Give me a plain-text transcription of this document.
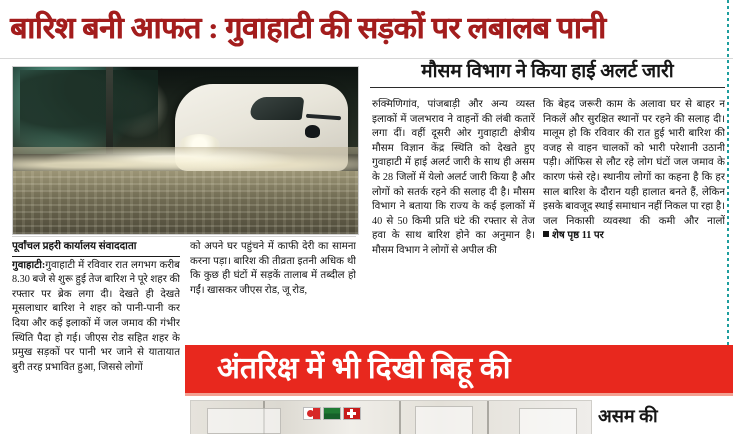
बारिश बनी आफत : गुवाहाटी की सड़कों पर लबालब पानी
मौसम विभाग ने किया हाई अलर्ट जारी
पूर्वांचल प्रहरी कार्यालय संवाददाता
गुवाहाटी:गुवाहाटी में रविवार रात लगभग करीब 8.30 बजे से शुरू हुई तेज बारिश ने पूरे शहर की रफ्तार पर ब्रेक लगा दी। देखते ही देखते मूसलाधार बारिश ने शहर को पानी-पानी कर दिया और कई इलाकों में जल जमाव की गंभीर स्थिति पैदा हो गई। जीएस रोड सहित शहर के प्रमुख सड़कों पर पानी भर जाने से यातायात बुरी तरह प्रभावित हुआ, जिससे लोगों
को अपने घर पहुंचने में काफी देरी का सामना करना पड़ा। बारिश की तीव्रता इतनी अधिक थी कि कुछ ही घंटों में सड़कें तालाब में तब्दील हो गईं। खासकर जीएस रोड, जू रोड,
रुक्मिणिगांव, पांजबाड़ी और अन्य व्यस्त इलाकों में जलभराव ने वाहनों की लंबी कतारें लगा दीं। वहीं दूसरी ओर गुवाहाटी क्षेत्रीय मौसम विज्ञान केंद्र स्थिति को देखते हुए गुवाहाटी में हाई अलर्ट जारी के साथ ही असम के 28 जिलों में येलो अलर्ट जारी किया है और लोगों को सतर्क रहने की सलाह दी है। मौसम विभाग ने बताया कि राज्य के कई इलाकों में 40 से 50 किमी प्रति घंटे की रफ्तार से तेज हवा के साथ बारिश होने का अनुमान है। मौसम विभाग ने लोगों से अपील की
कि बेहद जरूरी काम के अलावा घर से बाहर न निकलें और सुरक्षित स्थानों पर रहने की सलाह दी। मालूम हो कि रविवार की रात हुई भारी बारिश की वजह से वाहन चालकों को भारी परेशानी उठानी पड़ी। ऑफिस से लौट रहे लोग घंटों जल जमाव के कारण फंसे रहे। स्थानीय लोगों का कहना है कि हर साल बारिश के दौरान यही हालात बनते हैं, लेकिन इसके बावजूद स्थाई समाधान नहीं निकल पा रहा है। जल निकासी व्यवस्था की कमी और नालों शेष पृष्ठ 11 पर
अंतरिक्ष में भी दिखी बिहू की
असम की
